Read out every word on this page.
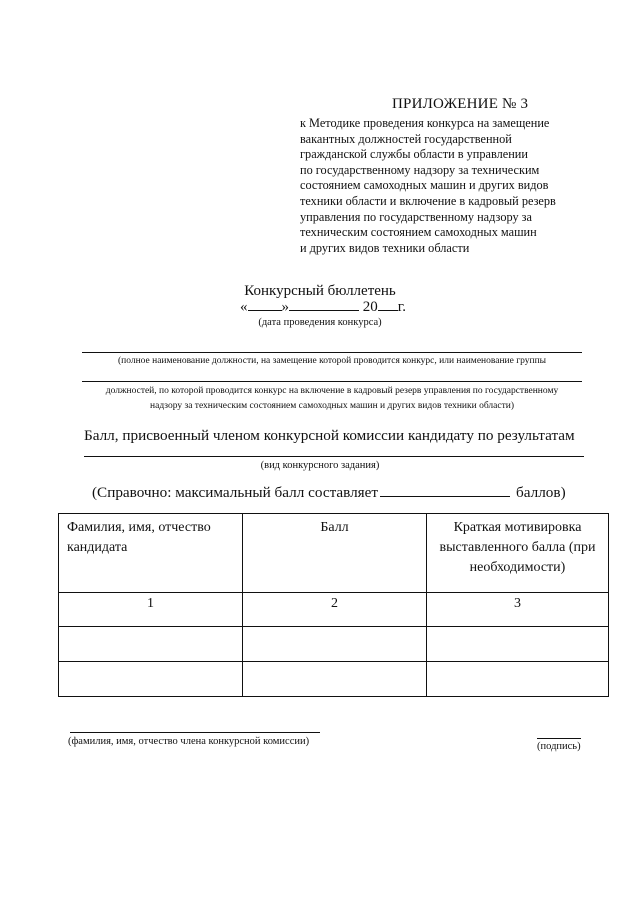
ПРИЛОЖЕНИЕ № 3
к Методике проведения конкурса на замещение
вакантных должностей государственной
гражданской службы области в управлении
по государственному надзору за техническим
состоянием самоходных машин и других видов
техники области и включение в кадровый резерв
управления по государственному надзору за
техническим состоянием самоходных машин
и других видов техники области
Конкурсный бюллетень
« »	20 г.
(дата проведения конкурса)
(полное наименование должности, на замещение которой проводится конкурс, или наименование группы
должностей, по которой проводится конкурс на включение в кадровый резерв управления по государственному
надзору за техническим состоянием самоходных машин и других видов техники области)
Балл, присвоенный членом конкурсной комиссии кандидату по результатам
(вид конкурсного задания)
(Справочно: максимальный балл составляет	баллов)
Фамилия, имя, отчество кандидата	Балл	Краткая мотивировка выставленного балла (при необходимости)
1	2	3

(фамилия, имя, отчество члена конкурсной комиссии)	(подпись)
